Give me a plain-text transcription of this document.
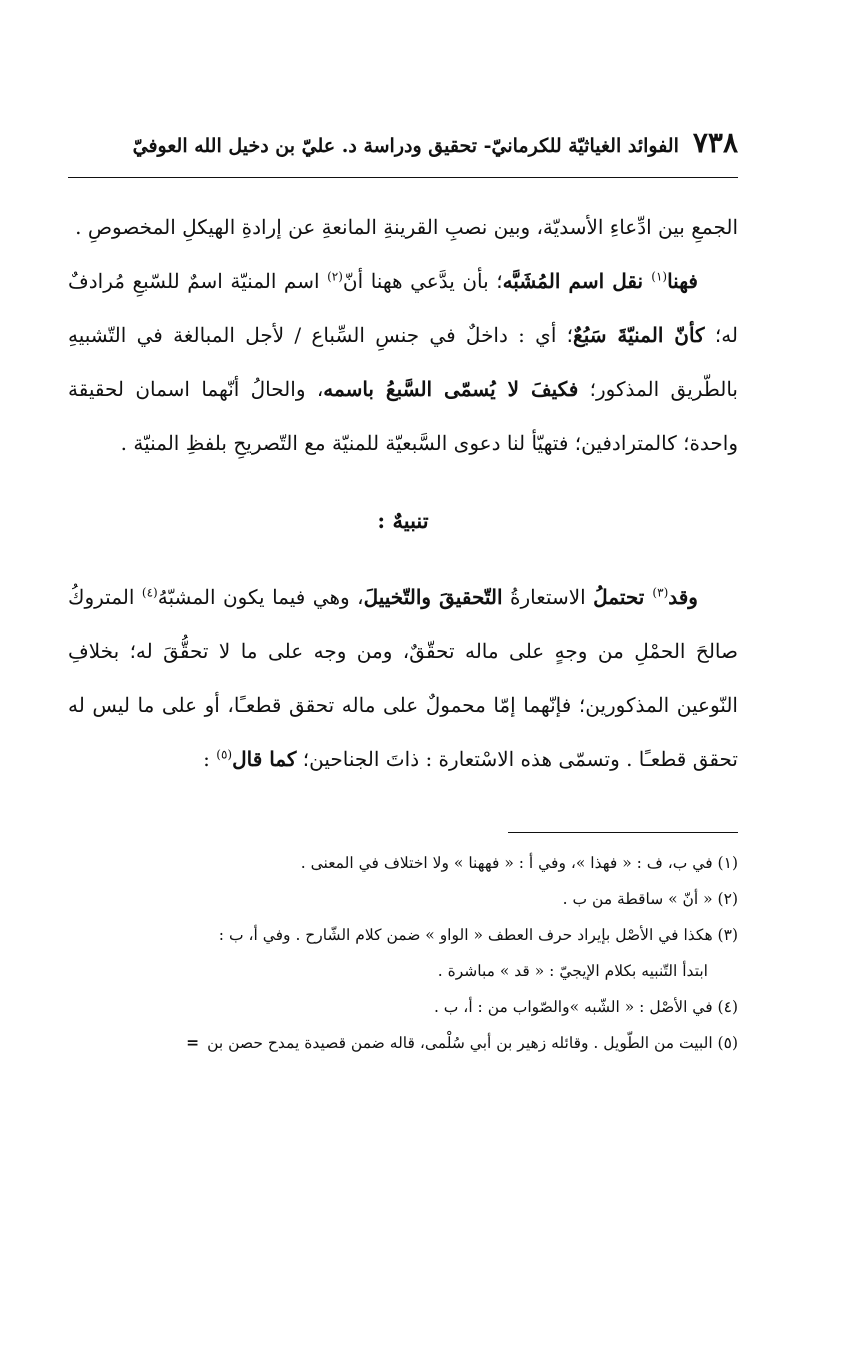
٧٣٨
الفوائد الغياثيّة للكرمانيّ- تحقيق ودراسة د. عليّ بن دخيل الله العوفيّ

الجمعِ بين ادِّعاءِ الأسديّة، وبين نصبِ القرينةِ المانعةِ عن إرادةِ الهيكلِ المخصوصِ .

فهنا$^{(١)}$ نقل اسم المُشَبَّه؛ بأن يدَّعي ههنا أنّ$^{(٢)}$ اسم المنيّة اسمٌ للسّبعِ مُرادفٌ له؛ كأنّ المنيّةَ سَبُعٌ؛ أي : داخلٌ في جنسِ السِّباع / لأجل المبالغة في التّشبيهِ بالطّريق المذكور؛ فكيفَ لا يُسمّى السَّبعُ باسمه، والحالُ أنّهما اسمان لحقيقة واحدة؛ كالمترادفين؛ فتهيّأ لنا دعوى السَّبعيّة للمنيّة مع التّصريحِ بلفظِ المنيّة .

تنبيهٌ :

وقد$^{(٣)}$ تحتملُ الاستعارةُ التّحقيقَ والتّخييلَ، وهي فيما يكون المشبّهُ$^{(٤)}$ المتروكُ صالحَ الحمْلِ من وجهٍ على ماله تحقّقٌ، ومن وجه على ما لا تحقُّقَ له؛ بخلافِ النّوعين المذكورين؛ فإنّهما إمّا محمولٌ على ماله تحقق قطعـًا، أو على ما ليس له تحقق قطعـًا . وتسمّى هذه الاسْتعارة : ذاتَ الجناحين؛ كما قال$^{(٥)}$ :

(١) في ب، ف : « فهذا »، وفي أ : « فههنا » ولا اختلاف في المعنى .

(٢) « أنّ » ساقطة من ب .

(٣) هكذا في الأصْل بإيراد حرف العطف « الواو » ضمن كلام الشّارح . وفي أ، ب :

ابتدأ التّنبيه بكلام الإيجيّ : « قد » مباشرة .

(٤) في الأصْل : « الشّبه »والصّواب من : أ، ب .

(٥) البيت من الطّويل . وقائله زهير بن أبي سُلْمى، قاله ضمن قصيدة يمدح حصن بن=
